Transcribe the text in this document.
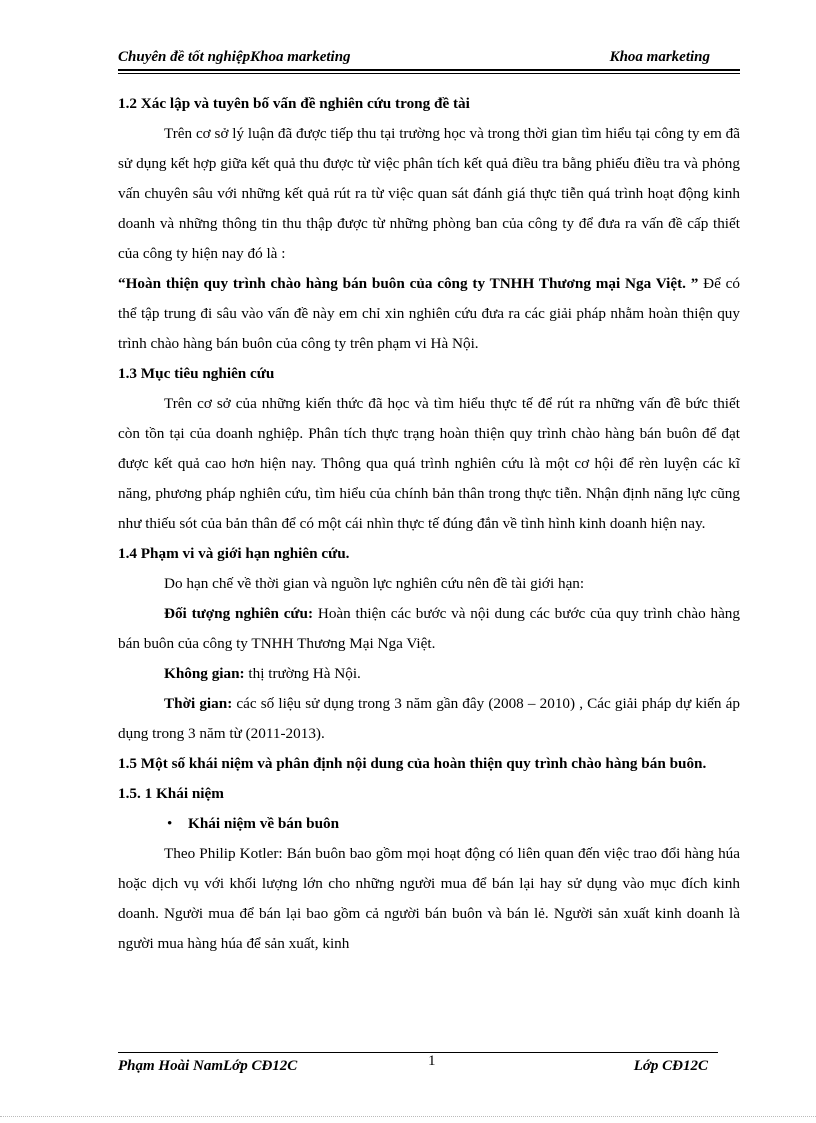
Chuyên đề tốt nghiệpKhoa marketing	Khoa marketing

1.2 Xác lập và tuyên bố vấn đề nghiên cứu trong đề tài

Trên cơ sở lý luận đã được tiếp thu tại trường học và trong thời gian tìm hiểu tại công ty em đã sử dụng kết hợp giữa kết quả thu được từ việc phân tích kết quả điều tra bằng phiếu điều tra và phỏng vấn chuyên sâu với những kết quả rút ra từ việc quan sát đánh giá thực tiễn quá trình hoạt động kinh doanh và những thông tin thu thập được từ những phòng ban của công ty để đưa ra vấn đề cấp thiết của công ty hiện nay đó là :

“Hoàn thiện quy trình chào hàng bán buôn của công ty TNHH Thương mại Nga Việt. ” Để có thể tập trung đi sâu vào vấn đề này em chỉ xin nghiên cứu đưa ra các giải pháp nhằm hoàn thiện quy trình chào hàng bán buôn của công ty trên phạm vi Hà Nội.

1.3 Mục tiêu nghiên cứu

Trên cơ sở của những kiến thức đã học và tìm hiểu thực tế để rút ra những vấn đề bức thiết còn tồn tại của doanh nghiệp. Phân tích thực trạng hoàn thiện quy trình chào hàng bán buôn để đạt được kết quả cao hơn hiện nay. Thông qua quá trình nghiên cứu là một cơ hội để rèn luyện các kĩ năng, phương pháp nghiên cứu, tìm hiểu của chính bản thân trong thực tiễn. Nhận định năng lực cũng như thiếu sót của bản thân để có một cái nhìn thực tế đúng đắn về tình hình kinh doanh hiện nay.

1.4 Phạm vi và giới hạn nghiên cứu.

Do hạn chế về thời gian và nguồn lực nghiên cứu nên đề tài giới hạn:

Đối tượng nghiên cứu: Hoàn thiện các bước và nội dung các bước của quy trình chào hàng bán buôn của công ty TNHH Thương Mại Nga Việt.

Không gian: thị trường Hà Nội.

Thời gian: các số liệu sử dụng trong 3 năm gần đây (2008 – 2010) , Các giải pháp dự kiến áp dụng trong 3 năm từ (2011-2013).

1.5 Một số khái niệm và phân định nội dung của hoàn thiện quy trình chào hàng bán buôn.

1.5. 1 Khái niệm

• Khái niệm về bán buôn

Theo Philip Kotler: Bán buôn bao gồm mọi hoạt động có liên quan đến việc trao đổi hàng húa hoặc dịch vụ với khối lượng lớn cho những người mua để bán lại hay sử dụng vào mục đích kinh doanh. Người mua để bán lại bao gồm cả người bán buôn và bán lẻ. Người sản xuất kinh doanh là người mua hàng húa để sản xuất, kinh

Phạm Hoài NamLớp CĐ12C	1	Lớp CĐ12C
